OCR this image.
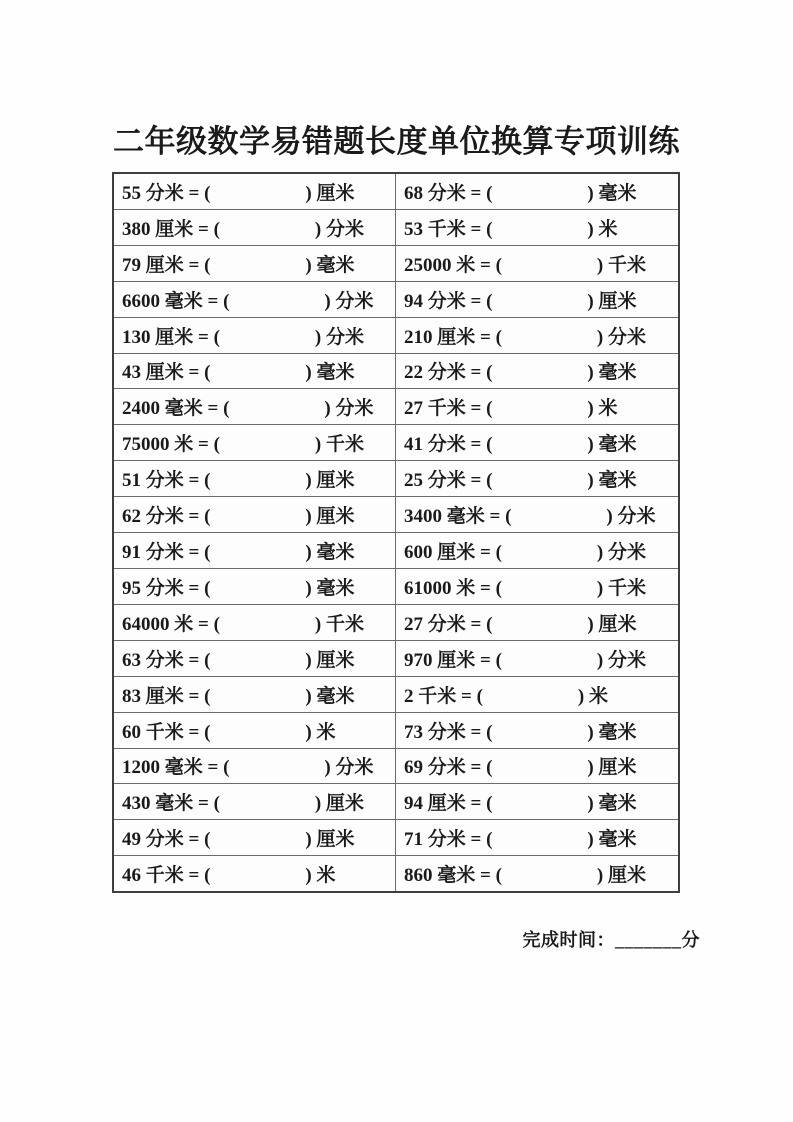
二年级数学易错题长度单位换算专项训练
55 分米 = (	) 厘米	68 分米 = (	) 毫米
380 厘米 = (	) 分米 53 千米 = (	) 米
79 厘米 = (	) 毫米	25000 米 = (	) 千米
6600 毫米 = (	) 分米 94 分米 = (	) 厘米
130 厘米 = (	) 分米 210 厘米 = (	) 分米
43 厘米 = (	) 毫米	22 分米 = (	) 毫米
2400 毫米 = (	) 分米 27 千米 = (	) 米
75000 米 = (	) 千米 41 分米 = (	) 毫米
51 分米 = (	) 厘米	25 分米 = (	) 毫米
62 分米 = (	) 厘米	3400 毫米 = (	) 分米
91 分米 = (	) 毫米	600 厘米 = (	) 分米
95 分米 = (	) 毫米	61000 米 = (	) 千米
64000 米 = (	) 千米 27 分米 = (	) 厘米
63 分米 = (	) 厘米	970 厘米 = (	) 分米
83 厘米 = (	) 毫米	2 千米 = (	) 米
60 千米 = (	) 米	73 分米 = (	) 毫米
1200 毫米 = (	) 分米 69 分米 = (	) 厘米
430 毫米 = (	) 厘米 94 厘米 = (	) 毫米
49 分米 = (	) 厘米	71 分米 = (	) 毫米
46 千米 = (	) 米	860 毫米 = (	) 厘米
完成时间：_______分
